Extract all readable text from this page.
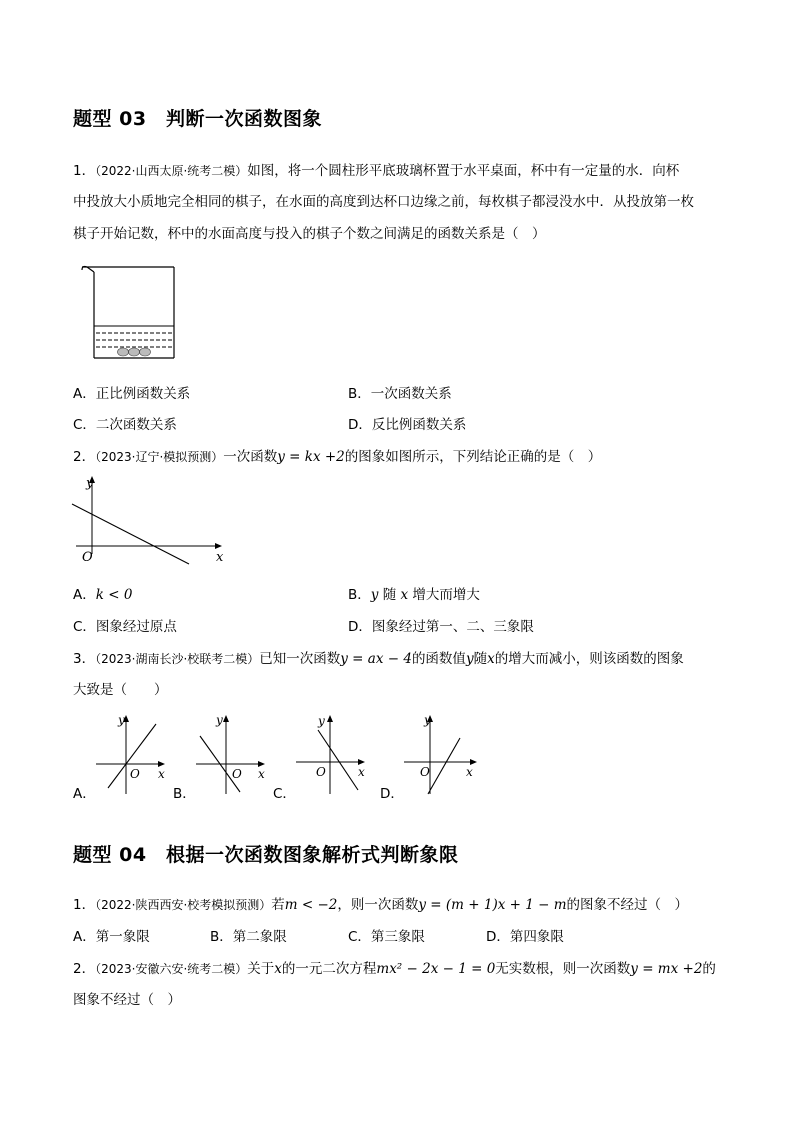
题型 03　判断一次函数图象
1．（2022·山西太原·统考二模）如图，将一个圆柱形平底玻璃杯置于水平桌面，杯中有一定量的水．向杯
中投放大小质地完全相同的棋子，在水面的高度到达杯口边缘之前，每枚棋子都浸没水中．从投放第一枚
棋子开始记数，杯中的水面高度与投入的棋子个数之间满足的函数关系是（　）
A．正比例函数关系	B．一次函数关系
C．二次函数关系	D．反比例函数关系
2．（2023·辽宁·模拟预测）一次函数y = kx +2的图象如图所示，下列结论正确的是（　）
y
x
O
A．k < 0	B．y 随 x 增大而增大
C．图象经过原点	D．图象经过第一、二、三象限
3．（2023·湖南长沙·校联考二模）已知一次函数y = ax − 4的函数值y随x的增大而减小，则该函数的图象
大致是（　　）
A．
y
x
O
B．
y
x
O
C．
y
x
O
D．
y
x
O
题型 04　根据一次函数图象解析式判断象限
1．（2022·陕西西安·校考模拟预测）若m < −2，则一次函数y = (m + 1)x + 1 − m的图象不经过（　）
A．第一象限	B．第二象限	C．第三象限	D．第四象限
2．（2023·安徽六安·统考二模）关于x的一元二次方程mx² − 2x − 1 = 0无实数根，则一次函数y = mx +2的
图象不经过（　）
